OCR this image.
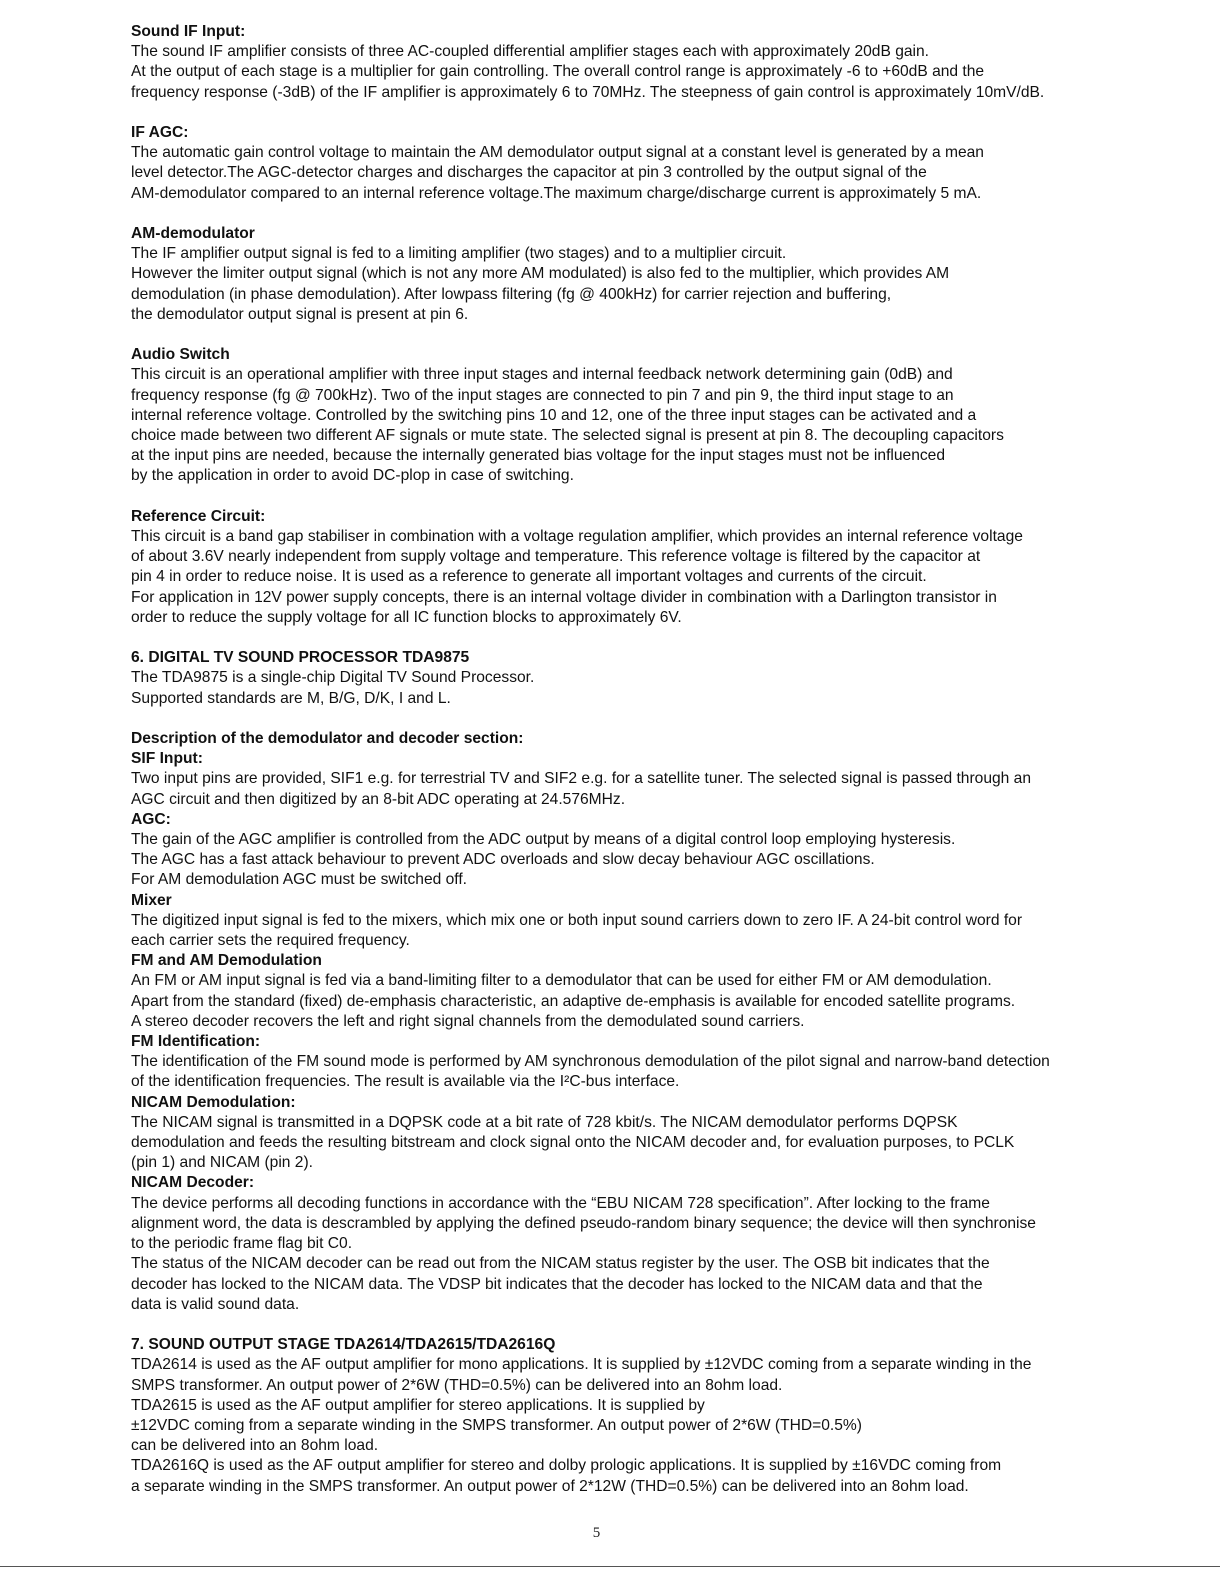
Sound IF Input:
The sound IF amplifier consists of three AC-coupled differential amplifier stages each with approximately 20dB gain.
At the output of each stage is a multiplier for gain controlling. The overall control range is approximately -6 to +60dB and the
frequency response (-3dB) of the IF amplifier is approximately 6 to 70MHz. The steepness of gain control is approximately 10mV/dB.
IF AGC:
The automatic gain control voltage to maintain the AM demodulator output signal at a constant level is generated by a mean
level detector.The AGC-detector charges and discharges the capacitor at pin 3 controlled by the output signal of the
AM-demodulator compared to an internal reference voltage.The maximum charge/discharge current is approximately 5 mA.
AM-demodulator
The IF amplifier output signal is fed to a limiting amplifier (two stages) and to a multiplier circuit.
However the limiter output signal (which is not any more AM modulated) is also fed to the multiplier, which provides AM
demodulation (in phase demodulation). After lowpass filtering (fg @ 400kHz) for carrier rejection and buffering,
the demodulator output signal is present at pin 6.
Audio Switch
This circuit is an operational amplifier with three input stages and internal feedback network determining gain (0dB) and
frequency response (fg @ 700kHz). Two of the input stages are connected to pin 7 and pin 9, the third input stage to an
internal reference voltage. Controlled by the switching pins 10 and 12, one of the three input stages can be activated and a
choice made between two different AF signals or mute state. The selected signal is present at pin 8. The decoupling capacitors
at the input pins are needed, because the internally generated bias voltage for the input stages must not be influenced
by the application in order to avoid DC-plop in case of switching.
Reference Circuit:
This circuit is a band gap stabiliser in combination with a voltage regulation amplifier, which provides an internal reference voltage
of about 3.6V nearly independent from supply voltage and temperature. This reference voltage is filtered by the capacitor at
pin 4 in order to reduce noise. It is used as a reference to generate all important voltages and currents of the circuit.
For application in 12V power supply concepts, there is an internal voltage divider in combination with a Darlington transistor in
order to reduce the supply voltage for all IC function blocks to approximately 6V.
6. DIGITAL TV SOUND PROCESSOR TDA9875
The TDA9875 is a single-chip Digital TV Sound Processor.
Supported standards are M, B/G, D/K, I and L.
Description of the demodulator and decoder section:
SIF Input:
Two input pins are provided, SIF1 e.g. for terrestrial TV and SIF2 e.g. for a satellite tuner. The selected signal is passed through an
AGC circuit and then digitized by an 8-bit ADC operating at 24.576MHz.
AGC:
The gain of the AGC amplifier is controlled from the ADC output by means of a digital control loop employing hysteresis.
The AGC has a fast attack behaviour to prevent ADC overloads and slow decay behaviour AGC oscillations.
For AM demodulation AGC must be switched off.
Mixer
The digitized input signal is fed to the mixers, which mix one or both input sound carriers down to zero IF. A 24-bit control word for
each carrier sets the required frequency.
FM and AM Demodulation
An FM or AM input signal is fed via a band-limiting filter to a demodulator that can be used for either FM or AM demodulation.
Apart from the standard (fixed) de-emphasis characteristic, an adaptive de-emphasis is available for encoded satellite programs.
A stereo decoder recovers the left and right signal channels from the demodulated sound carriers.
FM Identification:
The identification of the FM sound mode is performed by AM synchronous demodulation of the pilot signal and narrow-band detection
of the identification frequencies. The result is available via the I²C-bus interface.
NICAM Demodulation:
The NICAM signal is transmitted in a DQPSK code at a bit rate of 728 kbit/s. The NICAM demodulator performs DQPSK
demodulation and feeds the resulting bitstream and clock signal onto the NICAM decoder and, for evaluation purposes, to PCLK
(pin 1) and NICAM (pin 2).
NICAM Decoder:
The device performs all decoding functions in accordance with the “EBU NICAM 728 specification”. After locking to the frame
alignment word, the data is descrambled by applying the defined pseudo-random binary sequence; the device will then synchronise
to the periodic frame flag bit C0.
The status of the NICAM decoder can be read out from the NICAM status register by the user. The OSB bit indicates that the
decoder has locked to the NICAM data. The VDSP bit indicates that the decoder has locked to the NICAM data and that the
data is valid sound data.
7. SOUND OUTPUT STAGE TDA2614/TDA2615/TDA2616Q
TDA2614 is used as the AF output amplifier for mono applications. It is supplied by ±12VDC coming from a separate winding in the
SMPS transformer. An output power of 2*6W (THD=0.5%) can be delivered into an 8ohm load.
TDA2615 is used as the AF output amplifier for stereo applications. It is supplied by
±12VDC coming from a separate winding in the SMPS transformer. An output power of 2*6W (THD=0.5%)
can be delivered into an 8ohm load.
TDA2616Q is used as the AF output amplifier for stereo and dolby prologic applications. It is supplied by ±16VDC coming from
a separate winding in the SMPS transformer. An output power of 2*12W (THD=0.5%) can be delivered into an 8ohm load.
5
